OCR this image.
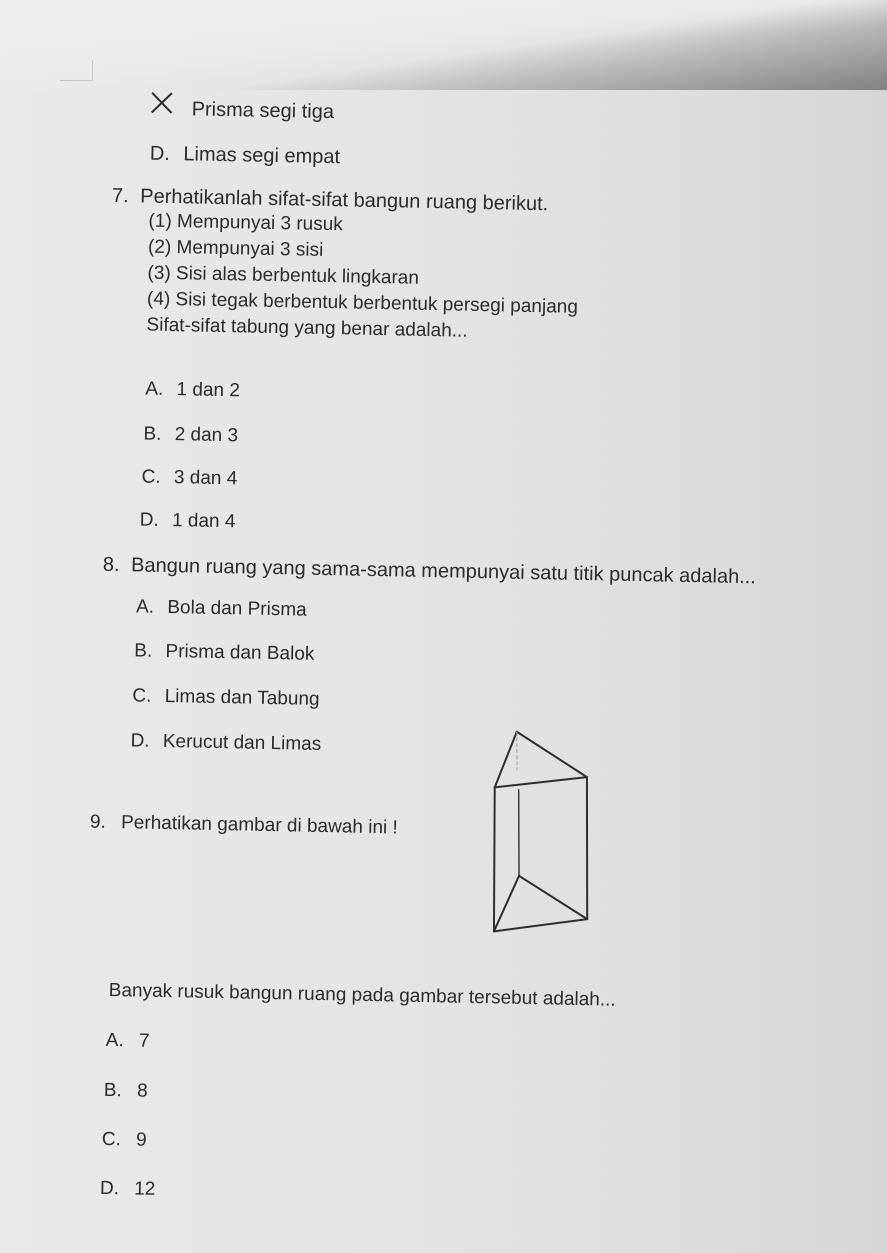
Prisma segi tiga
D. Limas segi empat
7. Perhatikanlah sifat-sifat bangun ruang berikut.
(1) Mempunyai 3 rusuk
(2) Mempunyai 3 sisi
(3) Sisi alas berbentuk lingkaran
(4) Sisi tegak berbentuk berbentuk persegi panjang
Sifat-sifat tabung yang benar adalah...
A. 1 dan 2
B. 2 dan 3
C. 3 dan 4
D. 1 dan 4
8. Bangun ruang yang sama-sama mempunyai satu titik puncak adalah...
A. Bola dan Prisma
B. Prisma dan Balok
C. Limas dan Tabung
D. Kerucut dan Limas
9. Perhatikan gambar di bawah ini !
Banyak rusuk bangun ruang pada gambar tersebut adalah...
A. 7
B. 8
C. 9
D. 12
